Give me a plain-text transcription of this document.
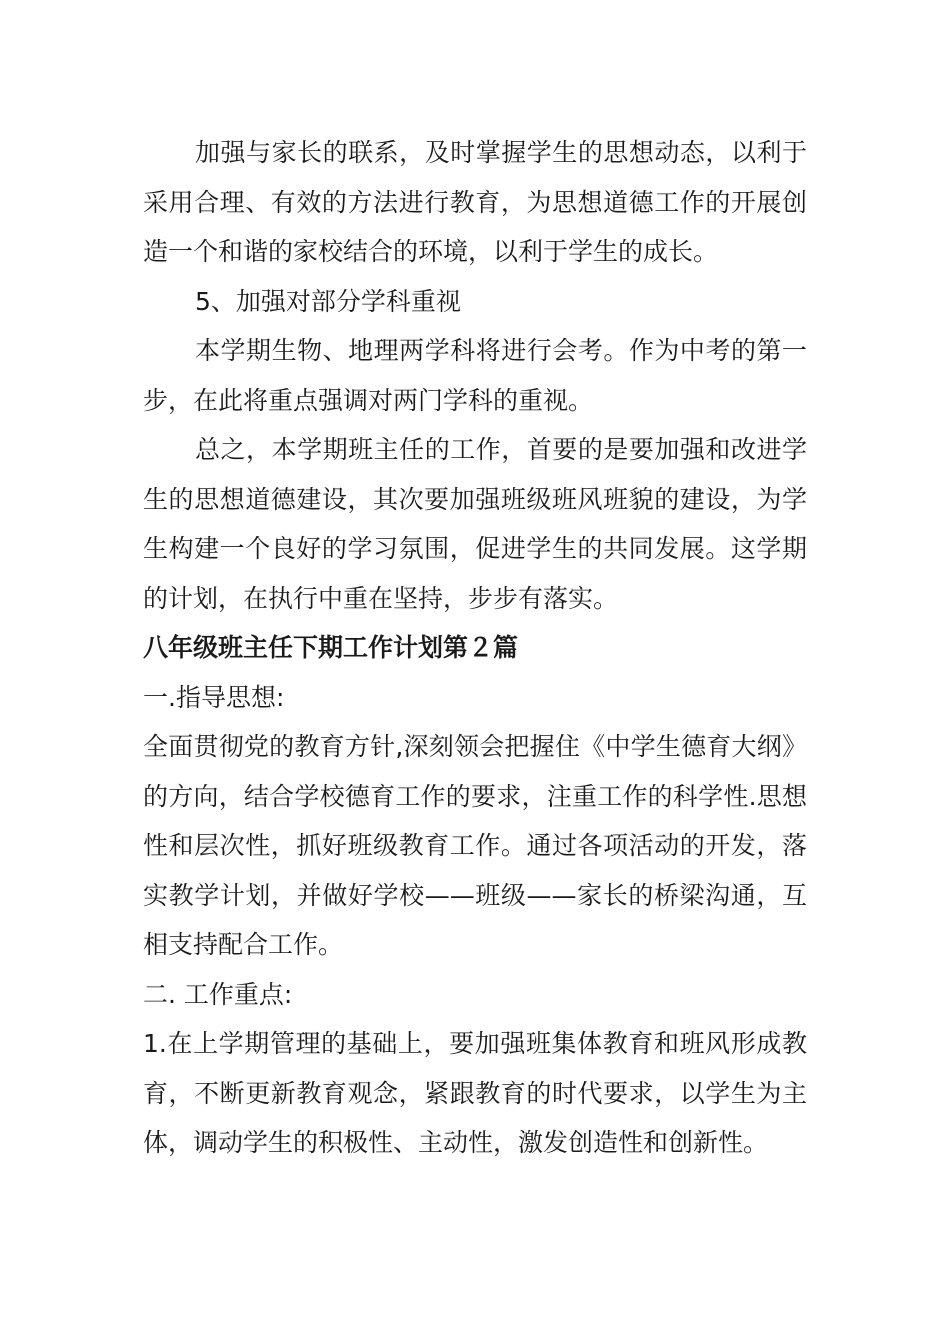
加强与家长的联系，及时掌握学生的思想动态，以利于采用合理、有效的方法进行教育，为思想道德工作的开展创造一个和谐的家校结合的环境，以利于学生的成长。

5、加强对部分学科重视

本学期生物、地理两学科将进行会考。作为中考的第一步，在此将重点强调对两门学科的重视。

总之，本学期班主任的工作，首要的是要加强和改进学生的思想道德建设，其次要加强班级班风班貌的建设，为学生构建一个良好的学习氛围，促进学生的共同发展。这学期的计划，在执行中重在坚持，步步有落实。

八年级班主任下期工作计划第２篇

一.指导思想:

全面贯彻党的教育方针,深刻领会把握住《中学生德育大纲》的方向，结合学校德育工作的要求，注重工作的科学性.思想性和层次性，抓好班级教育工作。通过各项活动的开发，落实教学计划，并做好学校——班级——家长的桥梁沟通，互相支持配合工作。

二. 工作重点:

1.在上学期管理的基础上，要加强班集体教育和班风形成教育，不断更新教育观念，紧跟教育的时代要求，以学生为主体，调动学生的积极性、主动性，激发创造性和创新性。
